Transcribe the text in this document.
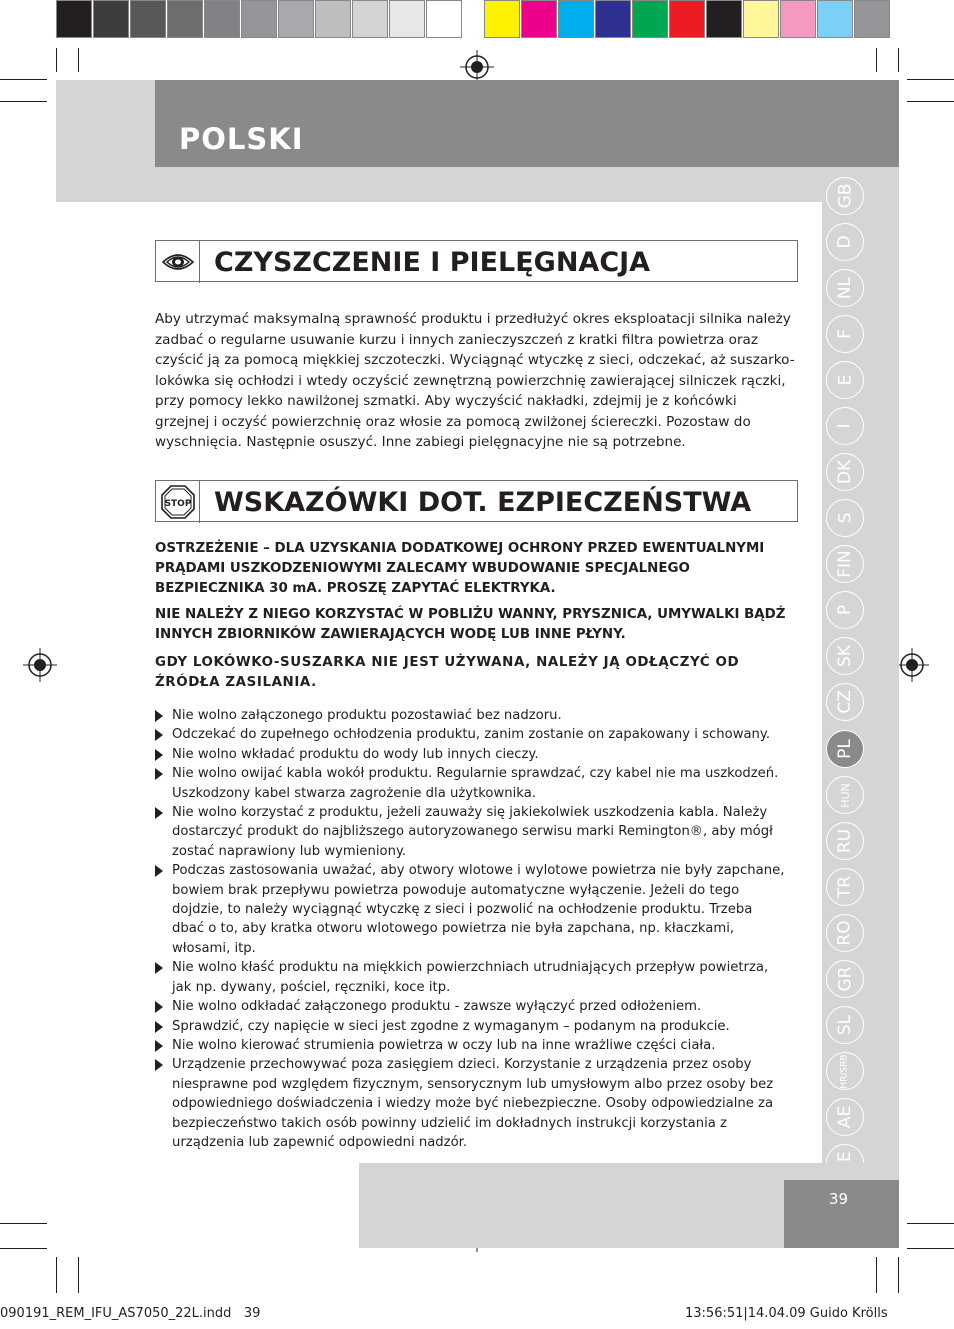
POLSKI
GB
D
NL
F
E
I
DK
S
FIN
P
SK
CZ
PL
HUN
RU
TR
RO
GR
SL
HR/SRB
AE
CZYSZCZENIE I PIELĘGNACJA
Aby utrzymać maksymalną sprawność produktu i przedłużyć okres eksploatacji silnika należy zadbać o regularne usuwanie kurzu i innych zanieczyszczeń z kratki filtra powietrza oraz czyścić ją za pomocą miękkiej szczoteczki. Wyciągnąć wtyczkę z sieci, odczekać, aż suszarko-lokówka się ochłodzi i wtedy oczyścić zewnętrzną powierzchnię zawierającej silniczek rączki, przy pomocy lekko nawilżonej szmatki. Aby wyczyścić nakładki, zdejmij je z końcówki grzejnej i oczyść powierzchnię oraz włosie za pomocą zwilżonej ściereczki. Pozostaw do wyschnięcia. Następnie osuszyć. Inne zabiegi pielęgnacyjne nie są potrzebne.
STOP WSKAZÓWKI DOT. EZPIECZEŃSTWA
OSTRZEŻENIE – DLA UZYSKANIA DODATKOWEJ OCHRONY PRZED EWENTUALNYMI PRĄDAMI USZKODZENIOWYMI ZALECAMY WBUDOWANIE SPECJALNEGO BEZPIECZNIKA 30 mA. PROSZĘ ZAPYTAĆ ELEKTRYKA.
NIE NALEŻY Z NIEGO KORZYSTAĆ W POBLIŻU WANNY, PRYSZNICA, UMYWALKI BĄDŹ INNYCH ZBIORNIKÓW ZAWIERAJĄCYCH WODĘ LUB INNE PŁYNY.
GDY LOKÓWKO-SUSZARKA NIE JEST UŻYWANA, NALEŻY JĄ ODŁĄCZYĆ OD ŹRÓDŁA ZASILANIA.
Nie wolno załączonego produktu pozostawiać bez nadzoru.
Odczekać do zupełnego ochłodzenia produktu, zanim zostanie on zapakowany i schowany.
Nie wolno wkładać produktu do wody lub innych cieczy.
Nie wolno owijać kabla wokół produktu. Regularnie sprawdzać, czy kabel nie ma uszkodzeń. Uszkodzony kabel stwarza zagrożenie dla użytkownika.
Nie wolno korzystać z produktu, jeżeli zauważy się jakiekolwiek uszkodzenia kabla. Należy dostarczyć produkt do najbliższego autoryzowanego serwisu marki Remington®, aby mógł zostać naprawiony lub wymieniony.
Podczas zastosowania uważać, aby otwory wlotowe i wylotowe powietrza nie były zapchane, bowiem brak przepływu powietrza powoduje automatyczne wyłączenie. Jeżeli do tego dojdzie, to należy wyciągnąć wtyczkę z sieci i pozwolić na ochłodzenie produktu. Trzeba dbać o to, aby kratka otworu wlotowego powietrza nie była zapchana, np. kłaczkami, włosami, itp.
Nie wolno kłaść produktu na miękkich powierzchniach utrudniających przepływ powietrza, jak np. dywany, pościel, ręczniki, koce itp.
Nie wolno odkładać załączonego produktu - zawsze wyłączyć przed odłożeniem.
Sprawdzić, czy napięcie w sieci jest zgodne z wymaganym – podanym na produkcie.
Nie wolno kierować strumienia powietrza w oczy lub na inne wrażliwe części ciała.
Urządzenie przechowywać poza zasięgiem dzieci. Korzystanie z urządzenia przez osoby niesprawne pod względem fizycznym, sensorycznym lub umysłowym albo przez osoby bez odpowiedniego doświadczenia i wiedzy może być niebezpieczne. Osoby odpowiedzialne za bezpieczeństwo takich osób powinny udzielić im dokładnych instrukcji korzystania z urządzenia lub zapewnić odpowiedni nadzór.
39
090191_REM_IFU_AS7050_22L.indd   39	13:56:51|14.04.09 Guido Krölls
